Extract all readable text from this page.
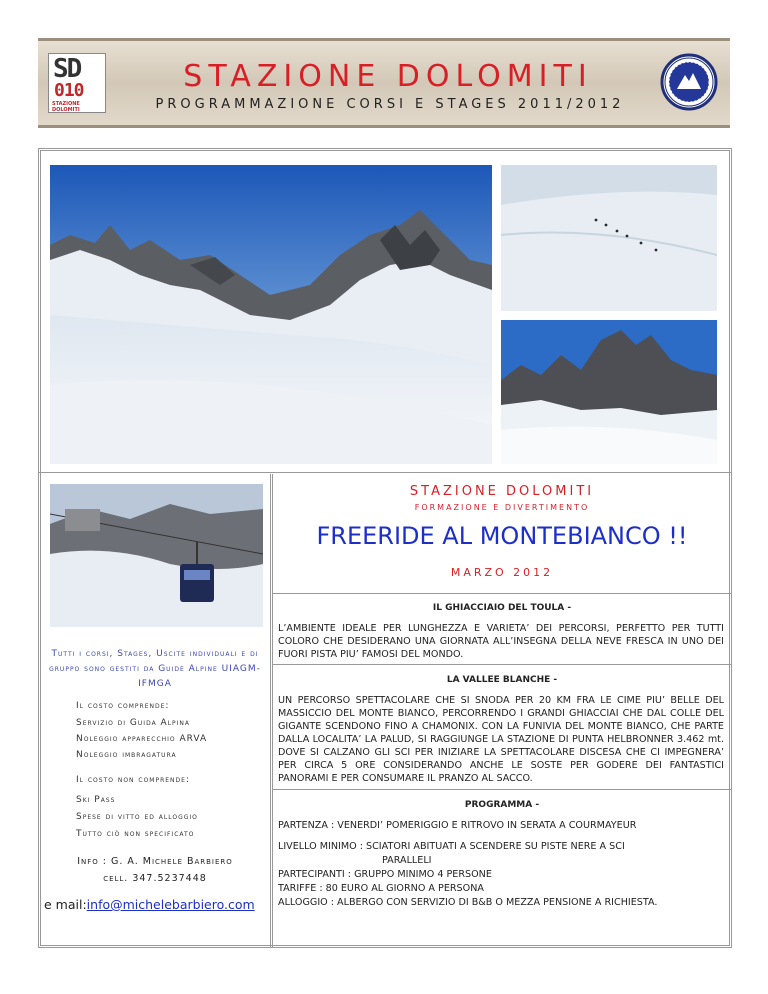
SD
010
STAZIONE DOLOMITI
STAZIONE DOLOMITI
PROGRAMMAZIONE CORSI E STAGES 2011/2012
STAZIONE DOLOMITI
FORMAZIONE E DIVERTIMENTO
FREERIDE AL MONTEBIANCO !!
MARZO 2012
IL GHIACCIAIO DEL TOULA -
L’AMBIENTE IDEALE PER LUNGHEZZA E VARIETA’ DEI PERCORSI, PERFETTO PER TUTTI COLORO CHE DESIDERANO UNA GIORNATA ALL’INSEGNA DELLA NEVE FRESCA IN UNO DEI FUORI PISTA PIU’ FAMOSI DEL MONDO.
LA VALLEE BLANCHE -
UN PERCORSO SPETTACOLARE CHE SI SNODA PER 20 KM FRA LE CIME PIU’ BELLE DEL MASSICCIO DEL MONTE BIANCO, PERCORRENDO I GRANDI GHIACCIAI CHE DAL COLLE DEL GIGANTE SCENDONO FINO A CHAMONIX. CON LA FUNIVIA DEL MONTE BIANCO, CHE PARTE DALLA LOCALITA’ LA PALUD, SI RAGGIUNGE LA STAZIONE DI PUNTA HELBRONNER 3.462 mt. DOVE SI CALZANO GLI SCI PER INIZIARE LA SPETTACOLARE DISCESA CHE CI IMPEGNERA’ PER CIRCA 5 ORE CONSIDERANDO ANCHE LE SOSTE PER GODERE DEI FANTASTICI PANORAMI E PER CONSUMARE IL PRANZO AL SACCO.
PROGRAMMA -
PARTENZA : VENERDI’ POMERIGGIO E RITROVO IN SERATA A COURMAYEUR
LIVELLO MINIMO : SCIATORI ABITUATI A SCENDERE SU PISTE NERE A SCI
PARALLELI
PARTECIPANTI : GRUPPO MINIMO 4 PERSONE
TARIFFE : 80 EURO AL GIORNO A PERSONA
ALLOGGIO : ALBERGO CON SERVIZIO DI B&B O MEZZA PENSIONE A RICHIESTA.
Tutti i corsi, Stages, Uscite individuali e di gruppo sono gestiti da Guide Alpine UIAGM-IFMGA
Il costo comprende:
Servizio di Guida Alpina
Noleggio apparecchio ARVA
Noleggio imbragatura
Il costo non comprende:
Ski Pass
Spese di vitto ed alloggio
Tutto ciò non specificato
Info : G. A. Michele Barbiero
cell. 347.5237448
e mail:info@michelebarbiero.com
